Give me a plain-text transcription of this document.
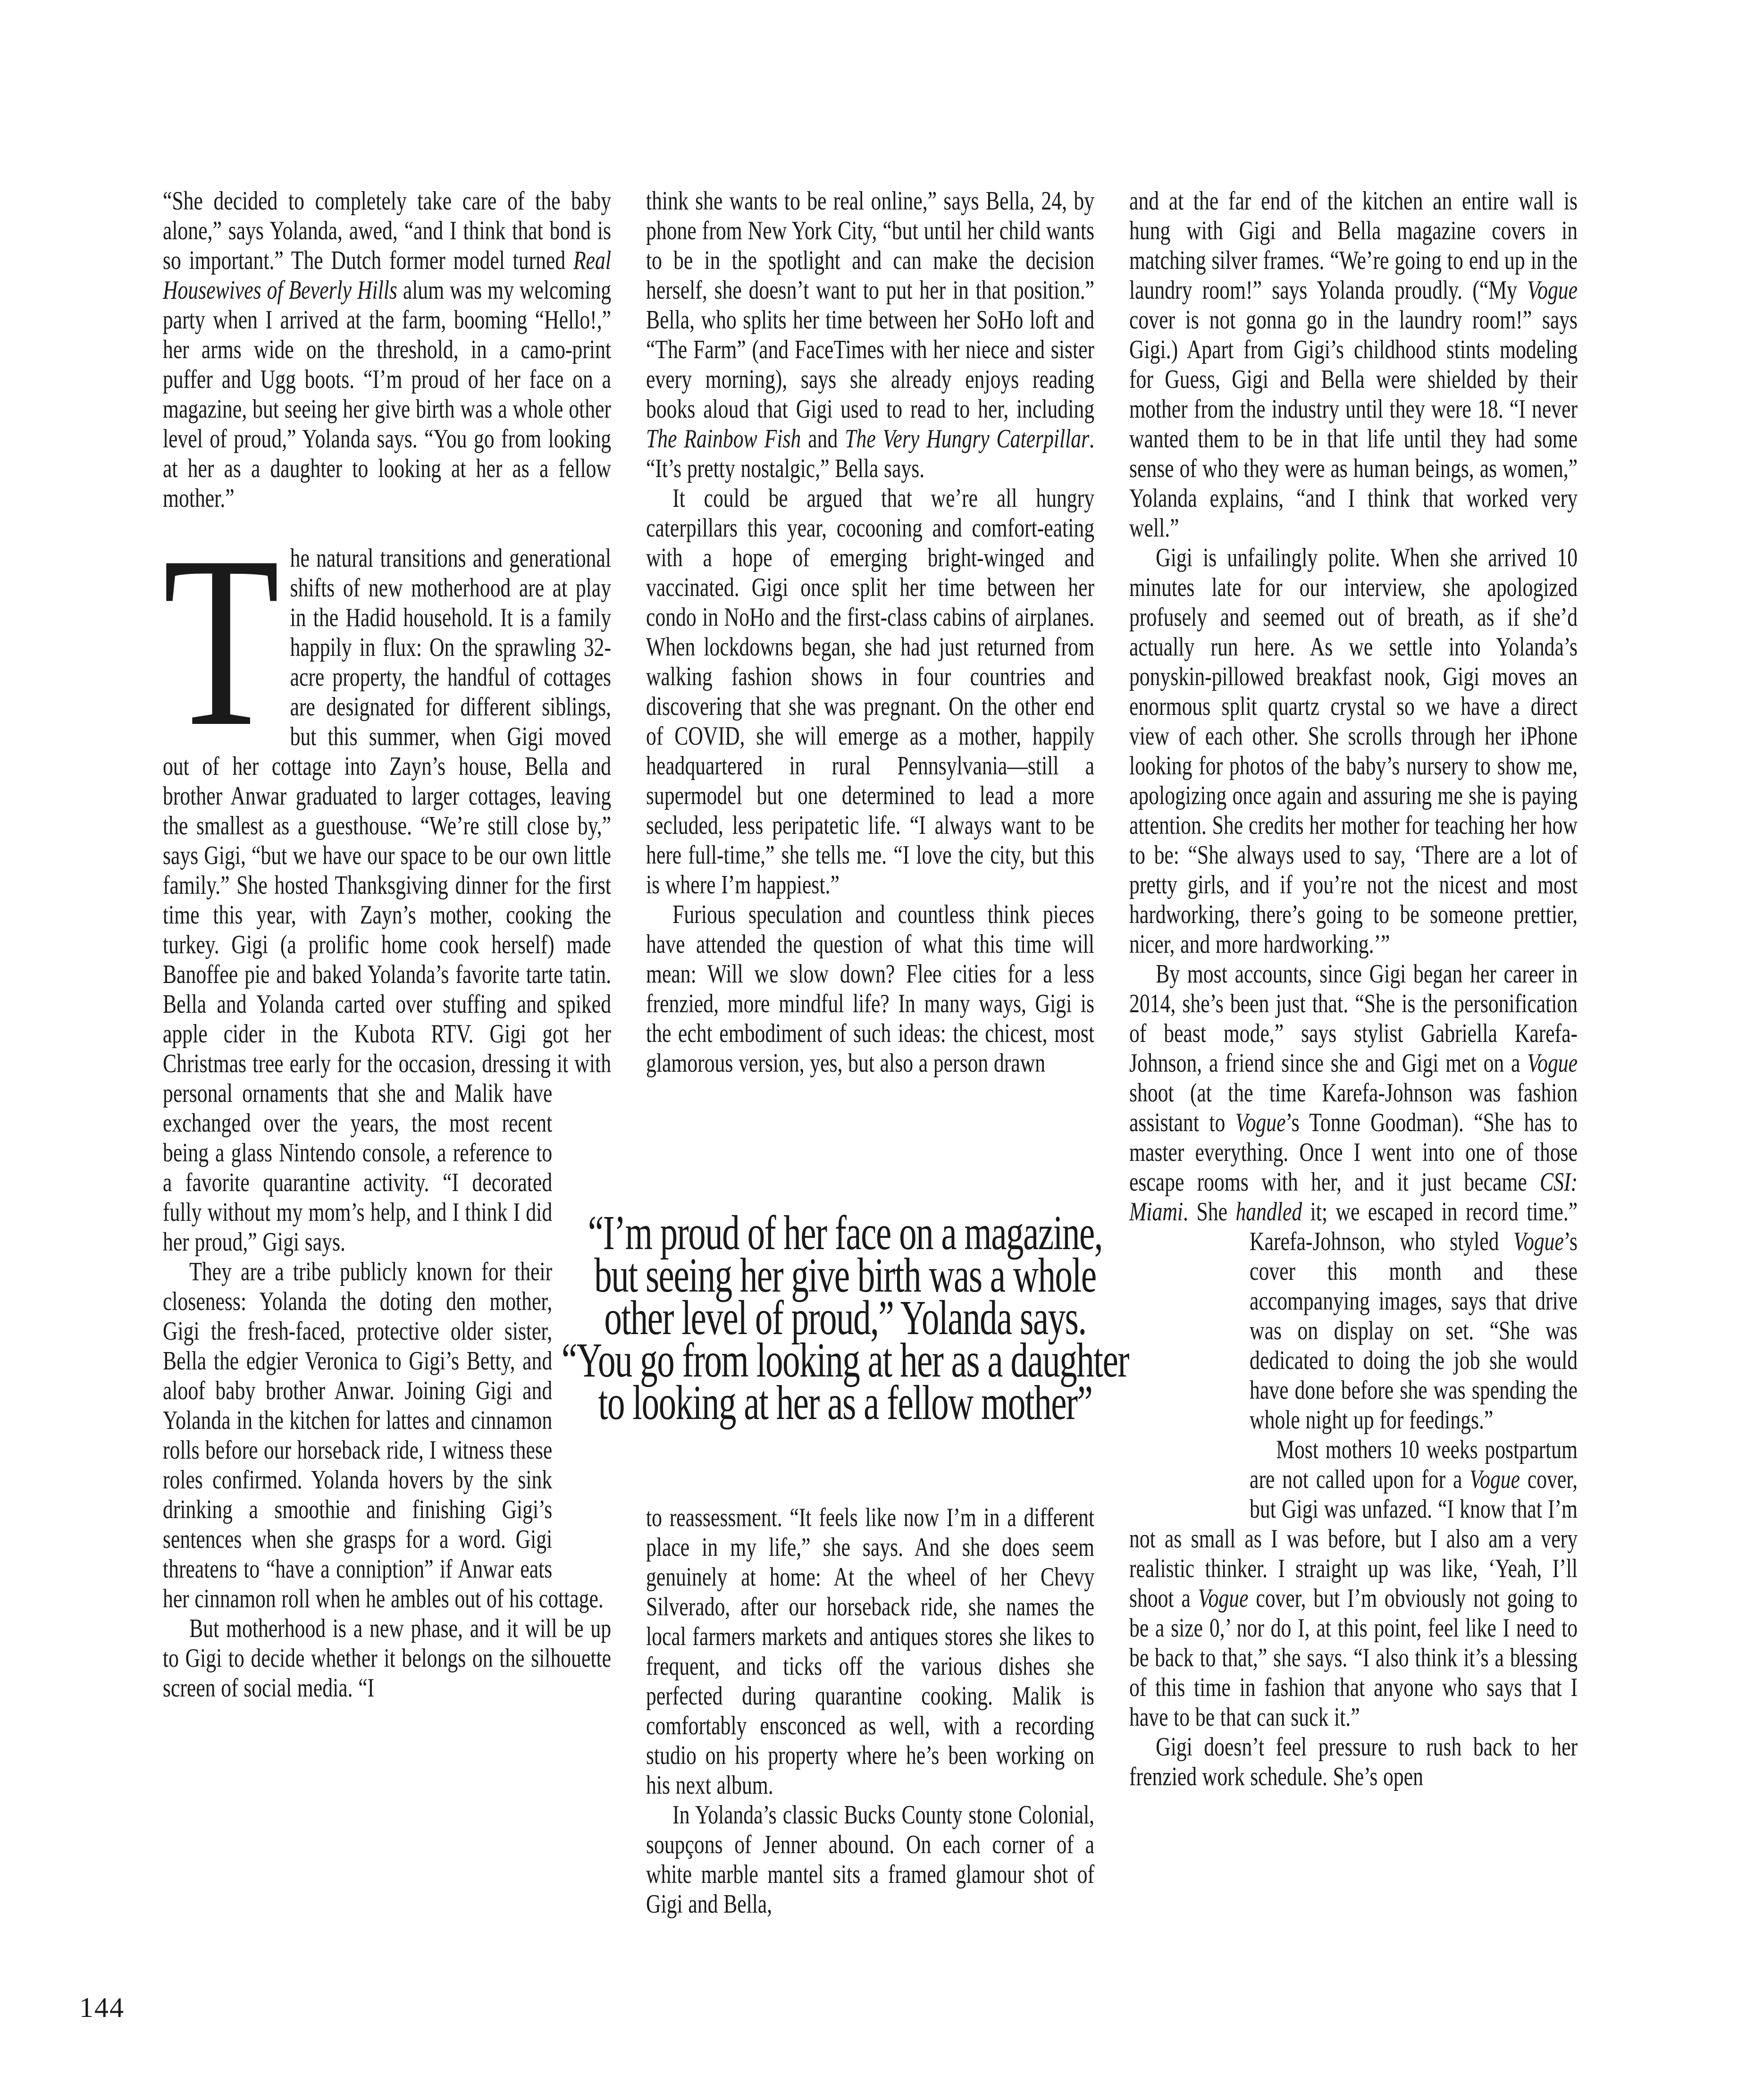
“She decided to completely take care of the baby alone,” says Yolanda, awed, “and I think that bond is so important.” The Dutch former model turned Real Housewives of Beverly Hills alum was my welcoming party when I arrived at the farm, booming “Hello!,” her arms wide on the threshold, in a camo-print puffer and Ugg boots. “I’m proud of her face on a magazine, but seeing her give birth was a whole other level of proud,” Yolanda says. “You go from looking at her as a daughter to looking at her as a fellow mother.”

The natural transitions and generational shifts of new motherhood are at play in the Hadid household. It is a family happily in flux: On the sprawling 32-acre property, the handful of cottages are designated for different siblings, but this summer, when Gigi moved out of her cottage into Zayn’s house, Bella and brother Anwar graduated to larger cottages, leaving the smallest as a guesthouse. “We’re still close by,” says Gigi, “but we have our space to be our own little family.” She hosted Thanksgiving dinner for the first time this year, with Zayn’s mother, cooking the turkey. Gigi (a prolific home cook herself) made Banoffee pie and baked Yolanda’s favorite tarte tatin. Bella and Yolanda carted over stuffing and spiked apple cider in the Kubota RTV. Gigi got her Christmas tree early for the occasion, dressing it with personal ornaments that she and Malik have exchanged over the years, the most recent being a glass Nintendo console, a reference to a favorite quarantine activity. “I decorated fully without my mom’s help, and I think I did her proud,” Gigi says.

They are a tribe publicly known for their closeness: Yolanda the doting den mother, Gigi the fresh-faced, protective older sister, Bella the edgier Veronica to Gigi’s Betty, and aloof baby brother Anwar. Joining Gigi and Yolanda in the kitchen for lattes and cinnamon rolls before our horseback ride, I witness these roles confirmed. Yolanda hovers by the sink drinking a smoothie and finishing Gigi’s sentences when she grasps for a word. Gigi threatens to “have a conniption” if Anwar eats her cinnamon roll when he ambles out of his cottage.

But motherhood is a new phase, and it will be up to Gigi to decide whether it belongs on the silhouette screen of social media. “I

think she wants to be real online,” says Bella, 24, by phone from New York City, “but until her child wants to be in the spotlight and can make the decision herself, she doesn’t want to put her in that position.” Bella, who splits her time between her SoHo loft and “The Farm” (and FaceTimes with her niece and sister every morning), says she already enjoys reading books aloud that Gigi used to read to her, including The Rainbow Fish and The Very Hungry Caterpillar. “It’s pretty nostalgic,” Bella says.

It could be argued that we’re all hungry caterpillars this year, cocooning and comfort-eating with a hope of emerging bright-winged and vaccinated. Gigi once split her time between her condo in NoHo and the first-class cabins of airplanes. When lockdowns began, she had just returned from walking fashion shows in four countries and discovering that she was pregnant. On the other end of COVID, she will emerge as a mother, happily headquartered in rural Pennsylvania—still a supermodel but one determined to lead a more secluded, less peripatetic life. “I always want to be here full-time,” she tells me. “I love the city, but this is where I’m happiest.”

Furious speculation and countless think pieces have attended the question of what this time will mean: Will we slow down? Flee cities for a less frenzied, more mindful life? In many ways, Gigi is the echt embodiment of such ideas: the chicest, most glamorous version, yes, but also a person drawn

“I’m proud of her face on a magazine,
but seeing her give birth was a whole
other level of proud,” Yolanda says.
“You go from looking at her as a daughter
to looking at her as a fellow mother”

to reassessment. “It feels like now I’m in a different place in my life,” she says. And she does seem genuinely at home: At the wheel of her Chevy Silverado, after our horseback ride, she names the local farmers markets and antiques stores she likes to frequent, and ticks off the various dishes she perfected during quarantine cooking. Malik is comfortably ensconced as well, with a recording studio on his property where he’s been working on his next album.

In Yolanda’s classic Bucks County stone Colonial, soupçons of Jenner abound. On each corner of a white marble mantel sits a framed glamour shot of Gigi and Bella,

and at the far end of the kitchen an entire wall is hung with Gigi and Bella magazine covers in matching silver frames. “We’re going to end up in the laundry room!” says Yolanda proudly. (“My Vogue cover is not gonna go in the laundry room!” says Gigi.) Apart from Gigi’s childhood stints modeling for Guess, Gigi and Bella were shielded by their mother from the industry until they were 18. “I never wanted them to be in that life until they had some sense of who they were as human beings, as women,” Yolanda explains, “and I think that worked very well.”

Gigi is unfailingly polite. When she arrived 10 minutes late for our interview, she apologized profusely and seemed out of breath, as if she’d actually run here. As we settle into Yolanda’s ponyskin-pillowed breakfast nook, Gigi moves an enormous split quartz crystal so we have a direct view of each other. She scrolls through her iPhone looking for photos of the baby’s nursery to show me, apologizing once again and assuring me she is paying attention. She credits her mother for teaching her how to be: “She always used to say, ‘There are a lot of pretty girls, and if you’re not the nicest and most hardworking, there’s going to be someone prettier, nicer, and more hardworking.’”

By most accounts, since Gigi began her career in 2014, she’s been just that. “She is the personification of beast mode,” says stylist Gabriella Karefa-Johnson, a friend since she and Gigi met on a Vogue shoot (at the time Karefa-Johnson was fashion assistant to Vogue’s Tonne Goodman). “She has to master everything. Once I went into one of those escape rooms with her, and it just became CSI: Miami. She handled it; we escaped in record time.” Karefa-Johnson, who styled Vogue’s cover this month and these accompanying images, says that drive was on display on set. “She was dedicated to doing the job she would have done before she was spending the whole night up for feedings.”

Most mothers 10 weeks postpartum are not called upon for a Vogue cover, but Gigi was unfazed. “I know that I’m not as small as I was before, but I also am a very realistic thinker. I straight up was like, ‘Yeah, I’ll shoot a Vogue cover, but I’m obviously not going to be a size 0,’ nor do I, at this point, feel like I need to be back to that,” she says. “I also think it’s a blessing of this time in fashion that anyone who says that I have to be that can suck it.”

Gigi doesn’t feel pressure to rush back to her frenzied work schedule. She’s open

144
